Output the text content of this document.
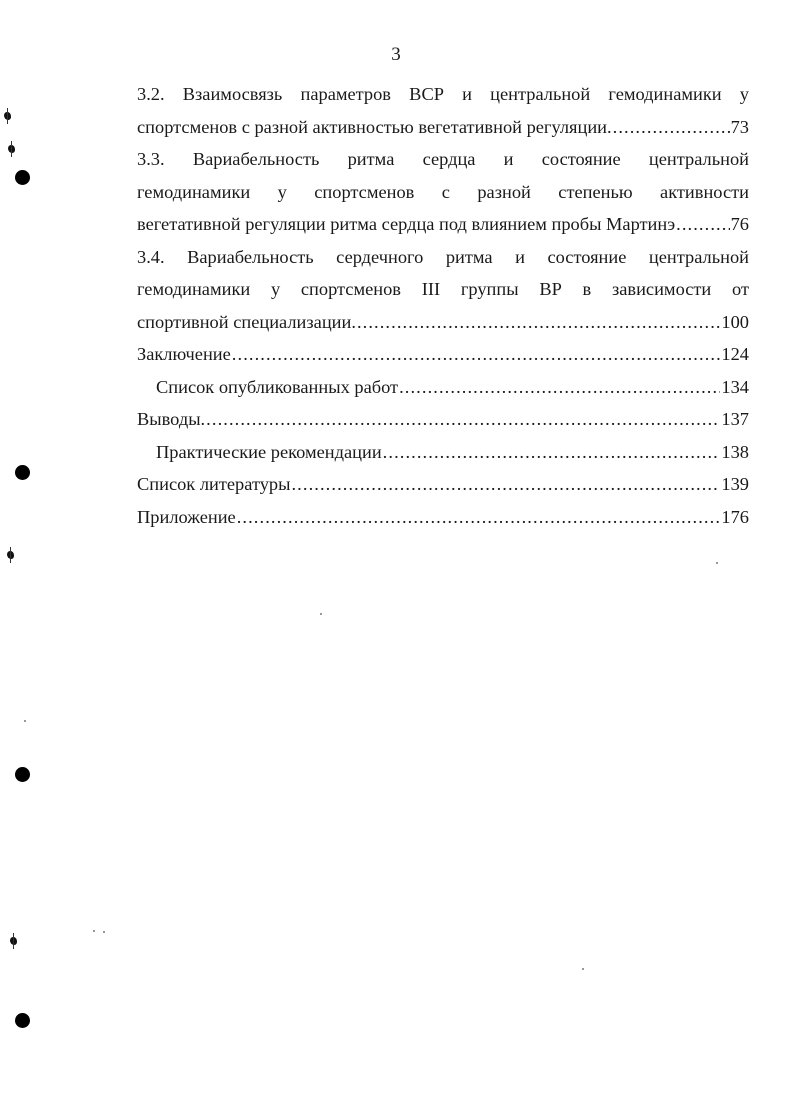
3
3.2. Взаимосвязь параметров ВСР и центральной гемодинамики у
спортсменов с разной активностью вегетативной регуляции. .....	73
3.3. Вариабельность ритма сердца и состояние центральной
гемодинамики у спортсменов с разной степенью активности
вегетативной регуляции ритма сердца под влиянием пробы Мартинэ .....	76
3.4. Вариабельность сердечного ритма и состояние центральной
гемодинамики у спортсменов III группы ВР в зависимости от
спортивной специализации. .....	100
Заключение .....	124
Список опубликованных работ .....	134
Выводы. .....	137
Практические рекомендации .....	138
Список литературы .....	139
Приложение .....	176
